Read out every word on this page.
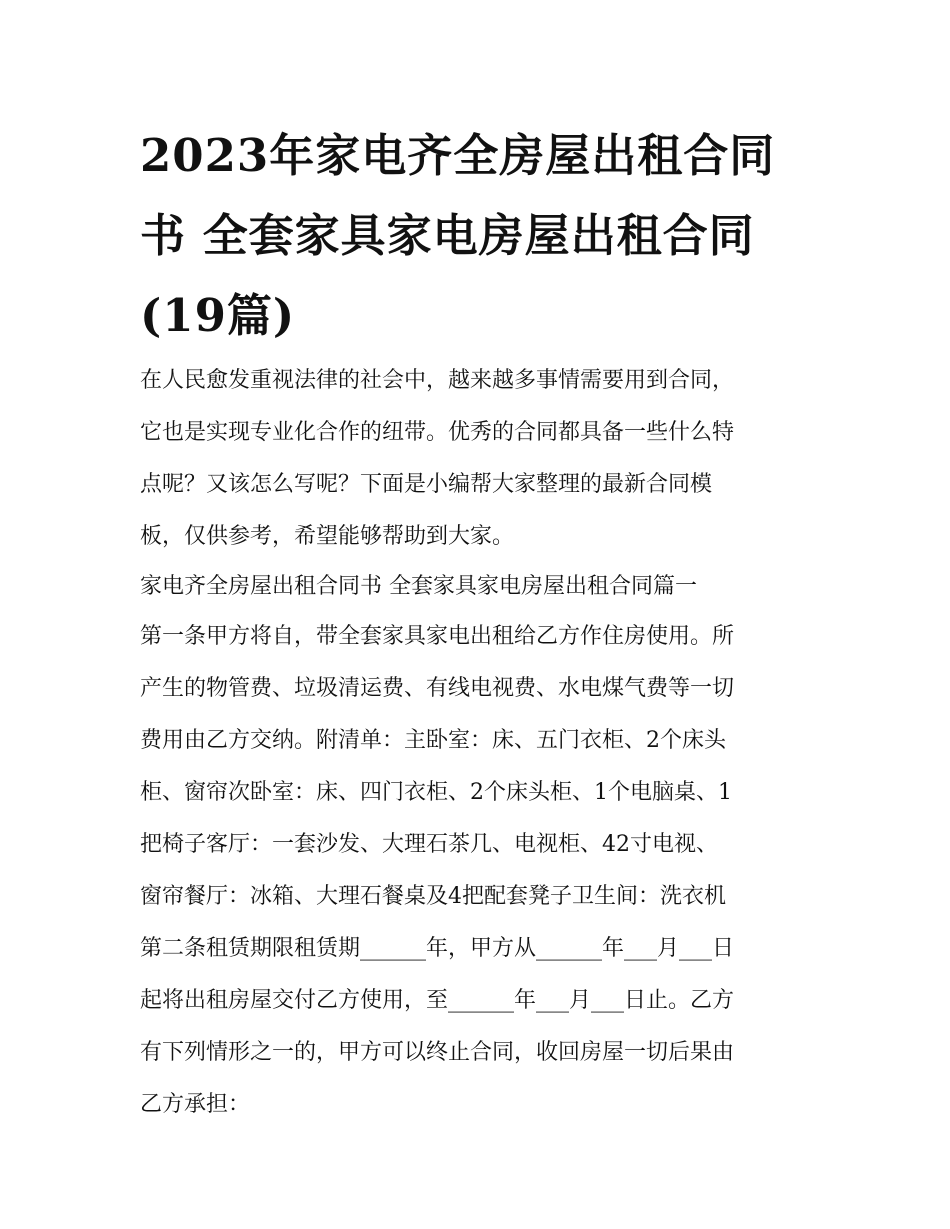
2023年家电齐全房屋出租合同
书 全套家具家电房屋出租合同
(19篇)

在人民愈发重视法律的社会中，越来越多事情需要用到合同，

它也是实现专业化合作的纽带。优秀的合同都具备一些什么特

点呢？又该怎么写呢？下面是小编帮大家整理的最新合同模

板，仅供参考，希望能够帮助到大家。

家电齐全房屋出租合同书 全套家具家电房屋出租合同篇一

第一条甲方将自，带全套家具家电出租给乙方作住房使用。所

产生的物管费、垃圾清运费、有线电视费、水电煤气费等一切

费用由乙方交纳。附清单：主卧室：床、五门衣柜、2个床头

柜、窗帘次卧室：床、四门衣柜、2个床头柜、1个电脑桌、1

把椅子客厅：一套沙发、大理石茶几、电视柜、42寸电视、

窗帘餐厅：冰箱、大理石餐桌及4把配套凳子卫生间：洗衣机

第二条租赁期限租赁期______年，甲方从______年___月___日

起将出租房屋交付乙方使用，至______年___月___日止。乙方

有下列情形之一的，甲方可以终止合同，收回房屋一切后果由

乙方承担：
